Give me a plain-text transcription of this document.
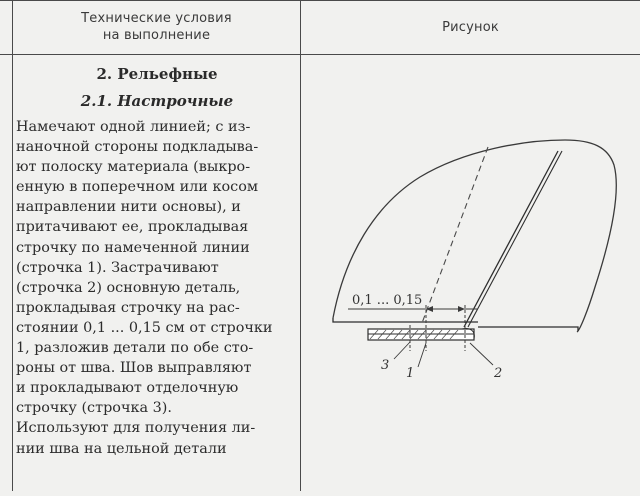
Технические условия
на выполнение
Рисунок
2. Рельефные
2.1. Настрочные
Намечают одной линией; с из-
наночной стороны подкладыва-
ют полоску материала (выкро-
енную в поперечном или косом
направлении нити основы), и
притачивают ее, прокладывая
строчку по намеченной линии
(строчка 1). Застрачивают
(строчка 2) основную деталь,
прокладывая строчку на рас-
стоянии 0,1 ... 0,15 см от строчки
1, разложив детали по обе сто-
роны от шва. Шов выправляют
и прокладывают отделочную
строчку (строчка 3).
Используют для получения ли-
нии шва на цельной детали
0,1 ... 0,15
3
1	2
